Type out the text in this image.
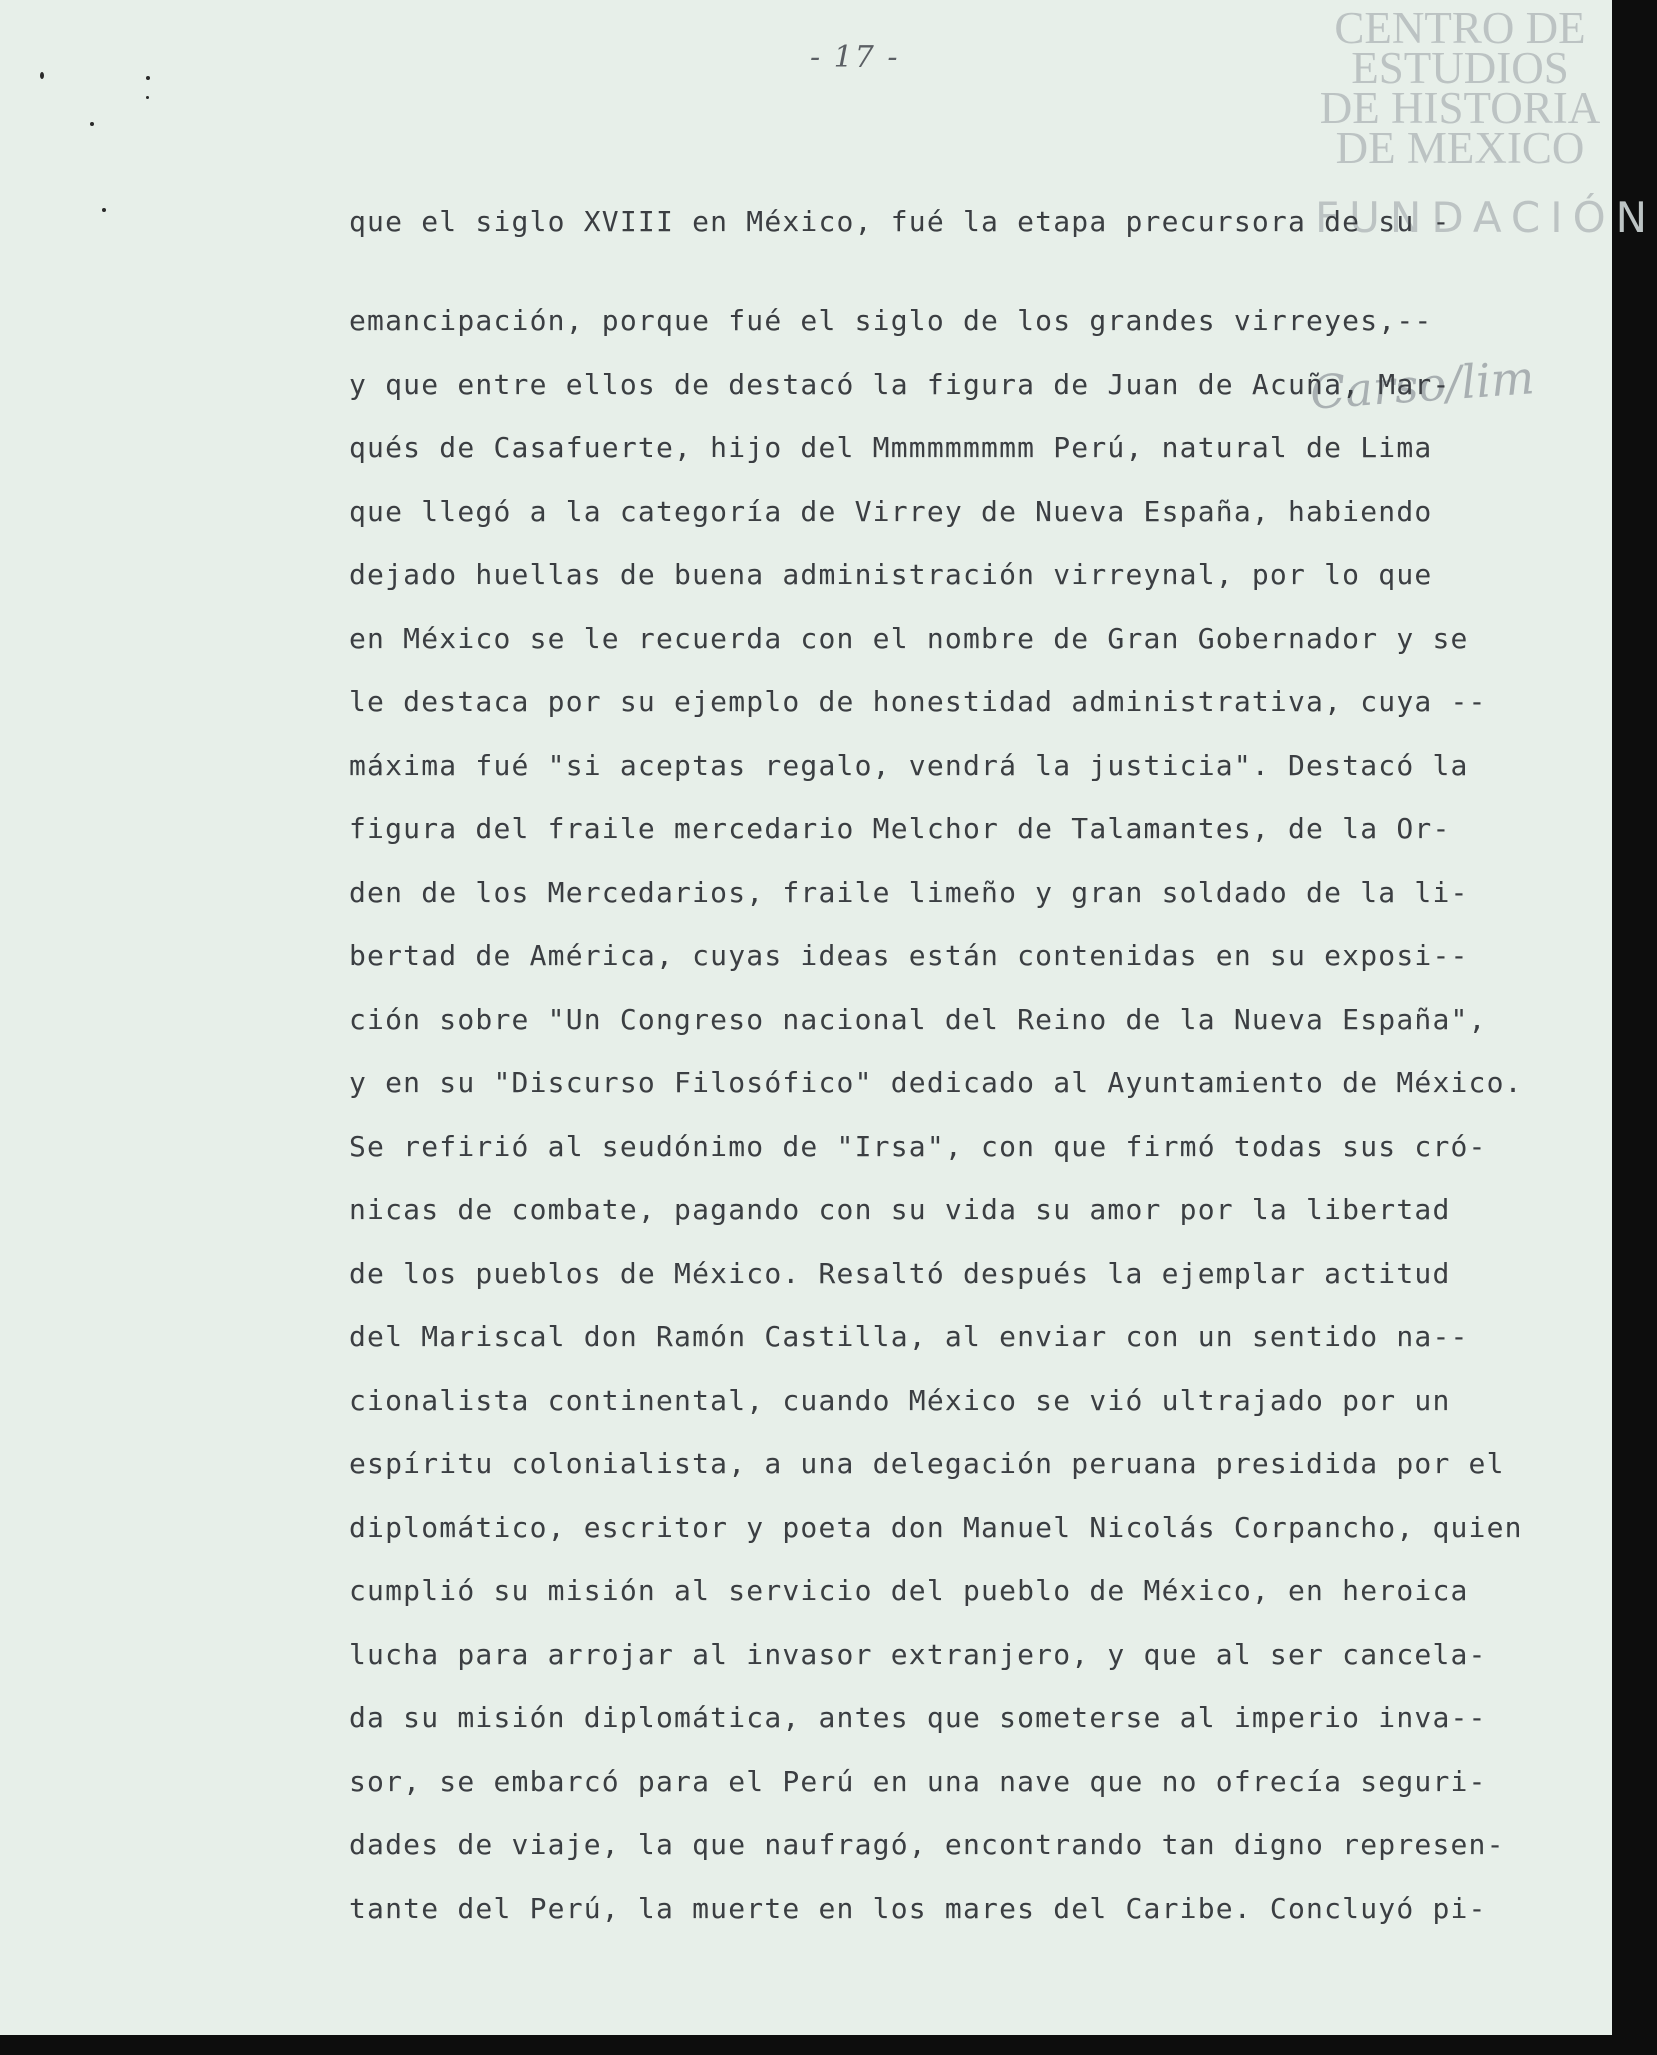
CENTRO DE
ESTUDIOS
DE HISTORIA
DE MEXICO
FUNDACIÓN
Carso/lim
- 17 -
que el siglo XVIII en México, fué la etapa precursora de su -
emancipación, porque fué el siglo de los grandes virreyes,--
y que entre ellos de destacó la figura de Juan de Acuña, Mar-
qués de Casafuerte, hijo del Mmmmmmmmm Perú, natural de Lima
que llegó a la categoría de Virrey de Nueva España, habiendo
dejado huellas de buena administración virreynal, por lo que
en México se le recuerda con el nombre de Gran Gobernador y se
le destaca por su ejemplo de honestidad administrativa, cuya --
máxima fué "si aceptas regalo, vendrá la justicia". Destacó la
figura del fraile mercedario Melchor de Talamantes, de la Or-
den de los Mercedarios, fraile limeño y gran soldado de la li-
bertad de América, cuyas ideas están contenidas en su exposi--
ción sobre "Un Congreso nacional del Reino de la Nueva España",
y en su "Discurso Filosófico" dedicado al Ayuntamiento de México.
Se refirió al seudónimo de "Irsa", con que firmó todas sus cró-
nicas de combate, pagando con su vida su amor por la libertad
de los pueblos de México. Resaltó después la ejemplar actitud
del Mariscal don Ramón Castilla, al enviar con un sentido na--
cionalista continental, cuando México se vió ultrajado por un
espíritu colonialista, a una delegación peruana presidida por el
diplomático, escritor y poeta don Manuel Nicolás Corpancho, quien
cumplió su misión al servicio del pueblo de México, en heroica
lucha para arrojar al invasor extranjero, y que al ser cancela-
da su misión diplomática, antes que someterse al imperio inva--
sor, se embarcó para el Perú en una nave que no ofrecía seguri-
dades de viaje, la que naufragó, encontrando tan digno represen-
tante del Perú, la muerte en los mares del Caribe. Concluyó pi-
